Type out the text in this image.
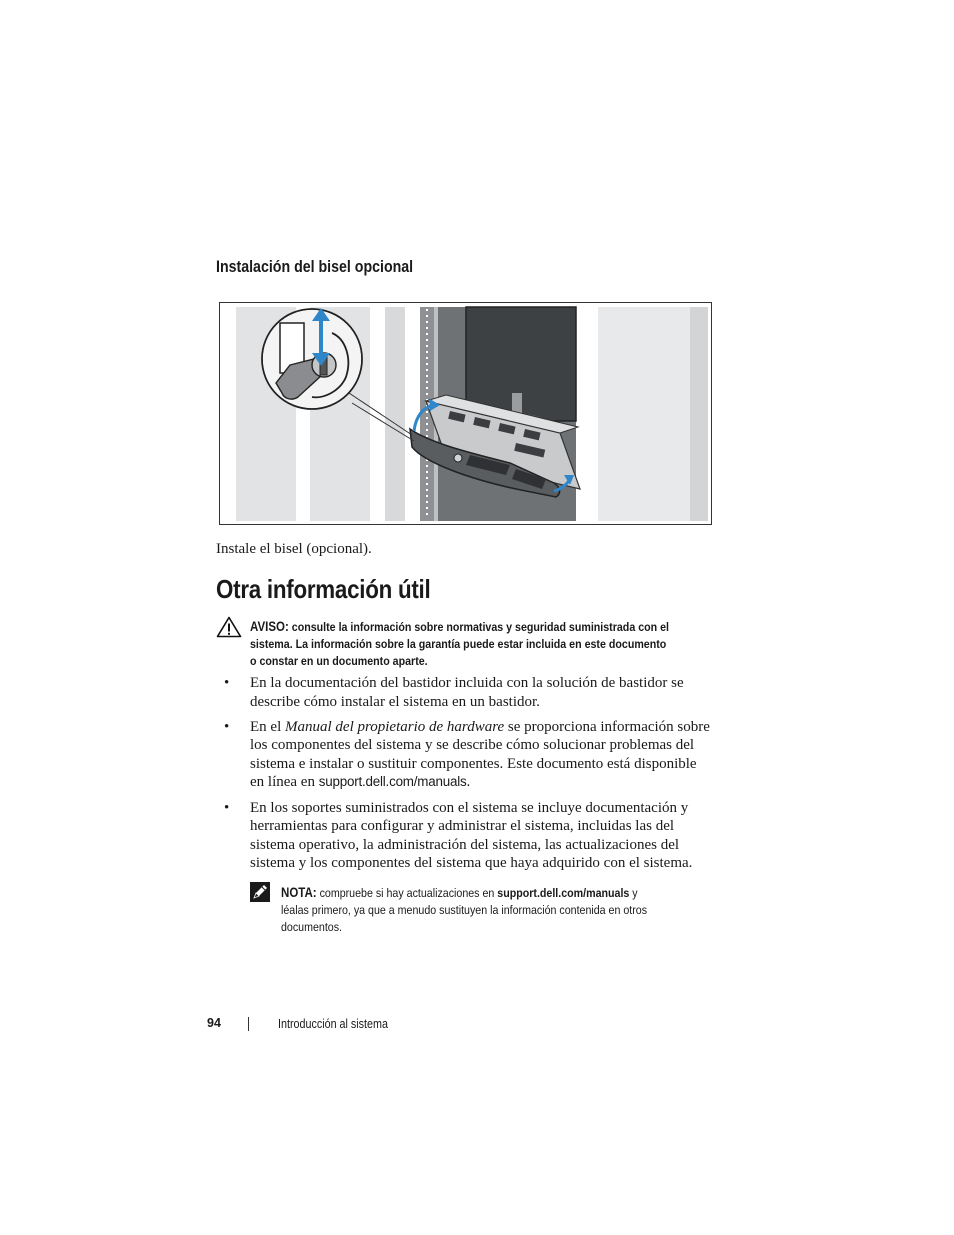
Instalación del bisel opcional
Instale el bisel (opcional).
Otra información útil
AVISO: consulte la información sobre normativas y seguridad suministrada con el
sistema. La información sobre la garantía puede estar incluida en este documento
o constar en un documento aparte.
• En la documentación del bastidor incluida con la solución de bastidor se
describe cómo instalar el sistema en un bastidor.
• En el Manual del propietario de hardware se proporciona información sobre
los componentes del sistema y se describe cómo solucionar problemas del
sistema e instalar o sustituir componentes. Este documento está disponible
en línea en support.dell.com/manuals.
• En los soportes suministrados con el sistema se incluye documentación y
herramientas para configurar y administrar el sistema, incluidas las del
sistema operativo, la administración del sistema, las actualizaciones del
sistema y los componentes del sistema que haya adquirido con el sistema.
NOTA: compruebe si hay actualizaciones en support.dell.com/manuals y
léalas primero, ya que a menudo sustituyen la información contenida en otros
documentos.
94	Introducción al sistema
